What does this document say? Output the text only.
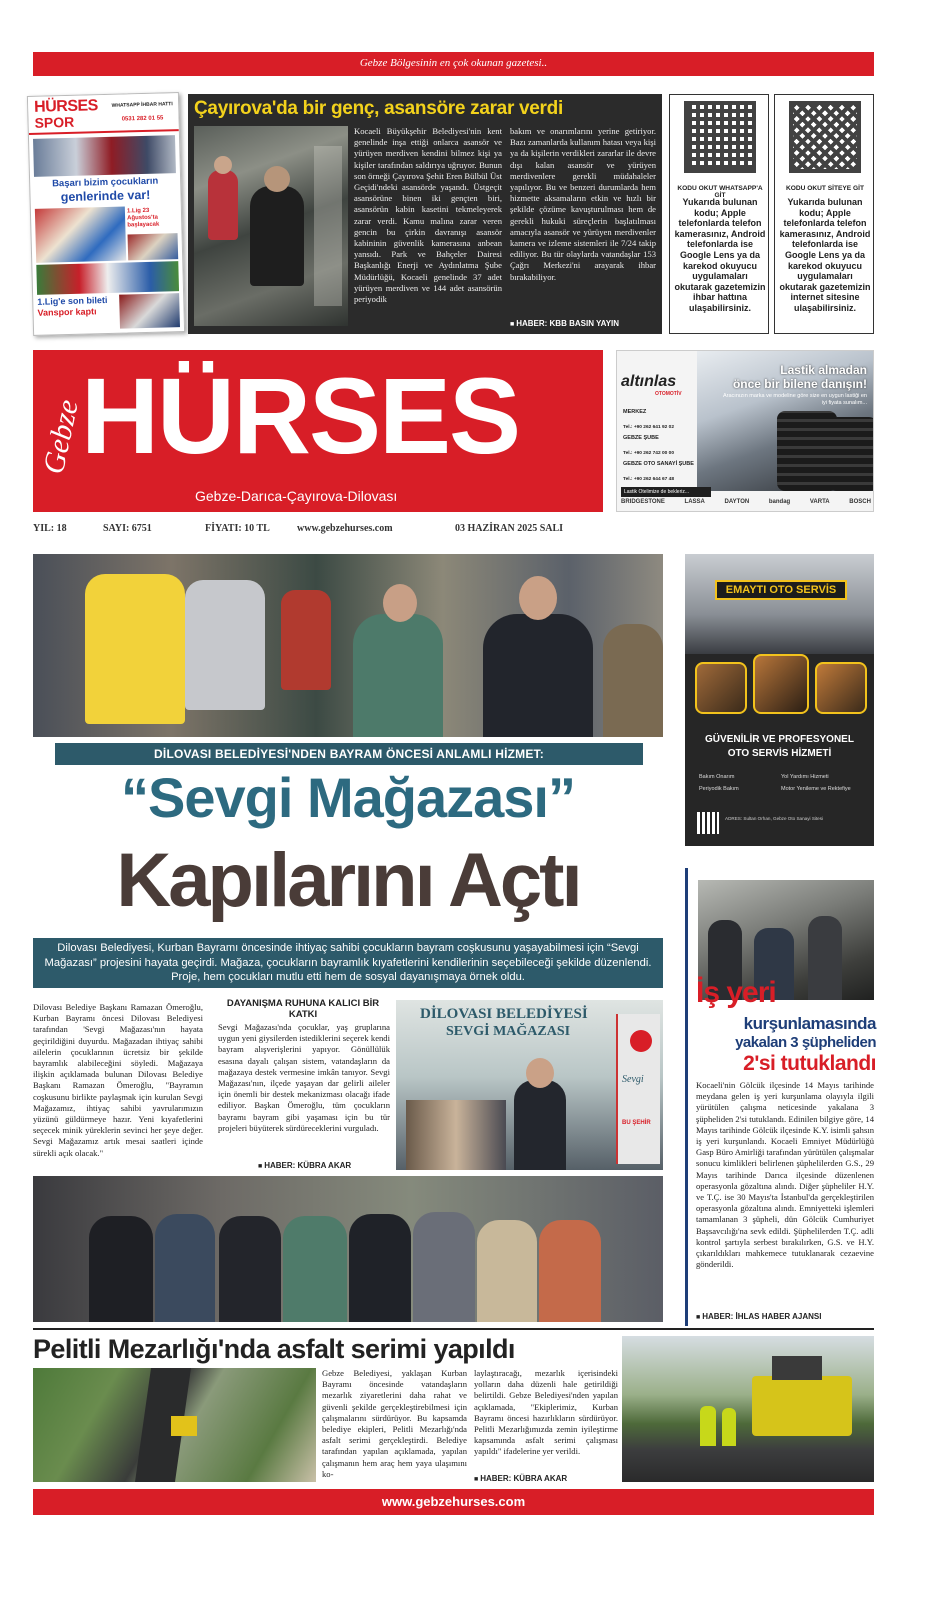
Gebze Bölgesinin en çok okunan gazetesi..
HÜRSES
SPOR
WHATSAPP İHBAR HATTI
0531 282 01 55
Başarı bizim çocukların
genlerinde var!
1.Lig 23 Ağustos'ta başlayacak
1.Lig'e son bileti
Vanspor kaptı
Çayırova'da bir genç, asansöre zarar verdi
Kocaeli Büyükşehir Belediyesi'nin kent genelinde inşa ettiği onlarca asansör ve yürüyen merdiven kendini bilmez kişi ya kişiler tarafından saldırıya uğruyor. Bunun son örneği Çayırova Şehit Eren Bülbül Üst Geçidi'ndeki asansörde yaşandı. Üstgeçit asansörüne binen iki gençten biri, asansörün kabin kasetini tekmeleyerek zarar verdi. Kamu malına zarar veren gencin bu çirkin davranışı asansör kabininin güvenlik kamerasına anbean yansıdı. Park ve Bahçeler Dairesi Başkanlığı Enerji ve Aydınlatma Şube Müdürlüğü, Kocaeli genelinde 37 adet yürüyen merdiven ve 144 adet asansörün periyodik
bakım ve onarımlarını yerine getiriyor. Bazı zamanlarda kullanım hatası veya kişi ya da kişilerin verdikleri zararlar ile devre dışı kalan asansör ve yürüyen merdivenlere gerekli müdahaleler yapılıyor. Bu ve benzeri durumlarda hem hizmette aksamaların etkin ve hızlı bir şekilde çözüme kavuşturulması hem de gerekli hukuki süreçlerin başlatılması amacıyla asansör ve yürüyen merdivenler kamera ve izleme sistemleri ile 7/24 takip ediliyor. Bu tür olaylarda vatandaşlar 153 Çağrı Merkezi'ni arayarak ihbar bırakabiliyor.
■ HABER: KBB BASIN YAYIN
KODU OKUT WHATSAPP'A GİT
Yukarıda bulunan kodu; Apple telefonlarda telefon kamerasınız, Android telefonlarda ise Google Lens ya da karekod okuyucu uygulamaları okutarak gazetemizin ihbar hattına ulaşabilirsiniz.
KODU OKUT SİTEYE GİT
Yukarıda bulunan kodu; Apple telefonlarda telefon kamerasınız, Android telefonlarda ise Google Lens ya da karekod okuyucu uygulamaları okutarak gazetemizin internet sitesine ulaşabilirsiniz.
Gebze
HÜRSES
Gebze-Darıca-Çayırova-Dilovası
altınlas
OTOMOTİV
Lastik almadan
önce bir bilene danışın!
Aracınızın marka ve modeline göre size en uygun lastiği en iyi fiyata sunalım...
MERKEZ
Tel.: +90 262 641 92 02
GEBZE ŞUBE
Tel.: +90 262 742 00 00
GEBZE OTO SANAYİ ŞUBE
Tel.: +90 262 644 67 48
Lastik Otelimize de bekleriz...
BRIDGESTONE	LASSA	DAYTON	bandag	VARTA	BOSCH
YIL: 18	SAYI: 6751	FİYATI: 10 TL	www.gebzehurses.com	03 HAZİRAN 2025 SALI
DİLOVASI BELEDİYESİ'NDEN BAYRAM ÖNCESİ ANLAMLI HİZMET:
“Sevgi Mağazası”
Kapılarını Açtı
Dilovası Belediyesi, Kurban Bayramı öncesinde ihtiyaç sahibi çocukların bayram coşkusunu yaşayabilmesi için “Sevgi Mağazası” projesini hayata geçirdi. Mağaza, çocukların bayramlık kıyafetlerini kendilerinin seçebileceği şekilde düzenlendi. Proje, hem çocukları mutlu etti hem de sosyal dayanışmaya örnek oldu.
Dilovası Belediye Başkanı Ramazan Ömeroğlu, Kurban Bayramı öncesi Dilovası Belediyesi tarafından 'Sevgi Mağazası'nın hayata geçirildiğini duyurdu. Mağazadan ihtiyaç sahibi ailelerin çocuklarının ücretsiz bir şekilde bayramlık alabileceğini söyledi. Mağazaya ilişkin açıklamada bulunan Dilovası Belediye Başkanı Ramazan Ömeroğlu, "Bayramın coşkusunu birlikte paylaşmak için kurulan Sevgi Mağazamız, ihtiyaç sahibi yavrularımızın yüzünü güldürmeye hazır. Yeni kıyafetlerini seçecek minik yüreklerin sevinci her şeye değer. Sevgi Mağazamız artık mesai saatleri içinde sürekli açık olacak."
DAYANIŞMA RUHUNA KALICI BİR KATKI
Sevgi Mağazası'nda çocuklar, yaş gruplarına uygun yeni giysilerden istediklerini seçerek kendi bayram alışverişlerini yapıyor. Gönüllülük esasına dayalı çalışan sistem, vatandaşların da mağazaya destek vermesine imkân tanıyor. Sevgi Mağazası'nın, ilçede yaşayan dar gelirli aileler için önemli bir destek mekanizması olacağı ifade ediliyor. Başkan Ömeroğlu, tüm çocukların bayramı bayram gibi yaşaması için bu tür projeleri büyüterek sürdüreceklerini vurguladı.
■ HABER: KÜBRA AKAR
DİLOVASI BELEDİYESİ
SEVGİ MAĞAZASI
Sevgi
BU ŞEHİR
EMAYTI OTO SERVİS
GÜVENİLİR VE PROFESYONEL
OTO SERVİS HİZMETİ
Bakım Onarım	Yol Yardımı Hizmeti
Periyodik Bakım	Motor Yenileme ve Rektefiye
ADRES: Sultan Orhan, Gebze Oto Sanayi Sitesi
İş yeri
kurşunlamasında
yakalan 3 şüpheliden
2'si tutuklandı
Kocaeli'nin Gölcük ilçesinde 14 Mayıs tarihinde meydana gelen iş yeri kurşunlama olayıyla ilgili yürütülen çalışma neticesinde yakalana 3 şüpheliden 2'si tutuklandı. Edinilen bilgiye göre, 14 Mayıs tarihinde Gölcük ilçesinde K.Y. isimli şahsın iş yeri kurşunlandı. Kocaeli Emniyet Müdürlüğü Gasp Büro Amirliği tarafından yürütülen çalışmalar sonucu kimlikleri belirlenen şüphelilerden G.S., 29 Mayıs tarihinde Darıca ilçesinde düzenlenen operasyonla gözaltına alındı. Diğer şüpheliler H.Y. ve T.Ç. ise 30 Mayıs'ta İstanbul'da gerçekleştirilen operasyonla gözaltına alındı. Emniyetteki işlemleri tamamlanan 3 şüpheli, dün Gölcük Cumhuriyet Başsavcılığı'na sevk edildi. Şüphelilerden T.Ç. adli kontrol şartıyla serbest bırakılırken, G.S. ve H.Y. çıkarıldıkları mahkemece tutuklanarak cezaevine gönderildi.
■ HABER: İHLAS HABER AJANSI
Pelitli Mezarlığı'nda asfalt serimi yapıldı
Gebze Belediyesi, yaklaşan Kurban Bayramı öncesinde vatandaşların mezarlık ziyaretlerini daha rahat ve güvenli şekilde gerçekleştirebilmesi için çalışmalarını sürdürüyor. Bu kapsamda belediye ekipleri, Pelitli Mezarlığı'nda asfalt serimi gerçekleştirdi. Belediye tarafından yapılan açıklamada, yapılan çalışmanın hem araç hem yaya ulaşımını ko-
laylaştıracağı, mezarlık içerisindeki yolların daha düzenli hale getirildiği belirtildi. Gebze Belediyesi'nden yapılan açıklamada, "Ekiplerimiz, Kurban Bayramı öncesi hazırlıkların sürdürüyor. Pelitli Mezarlığımızda zemin iyileştirme kapsamında asfalt serimi çalışması yapıldı" ifadelerine yer verildi.
■ HABER: KÜBRA AKAR
www.gebzehurses.com
